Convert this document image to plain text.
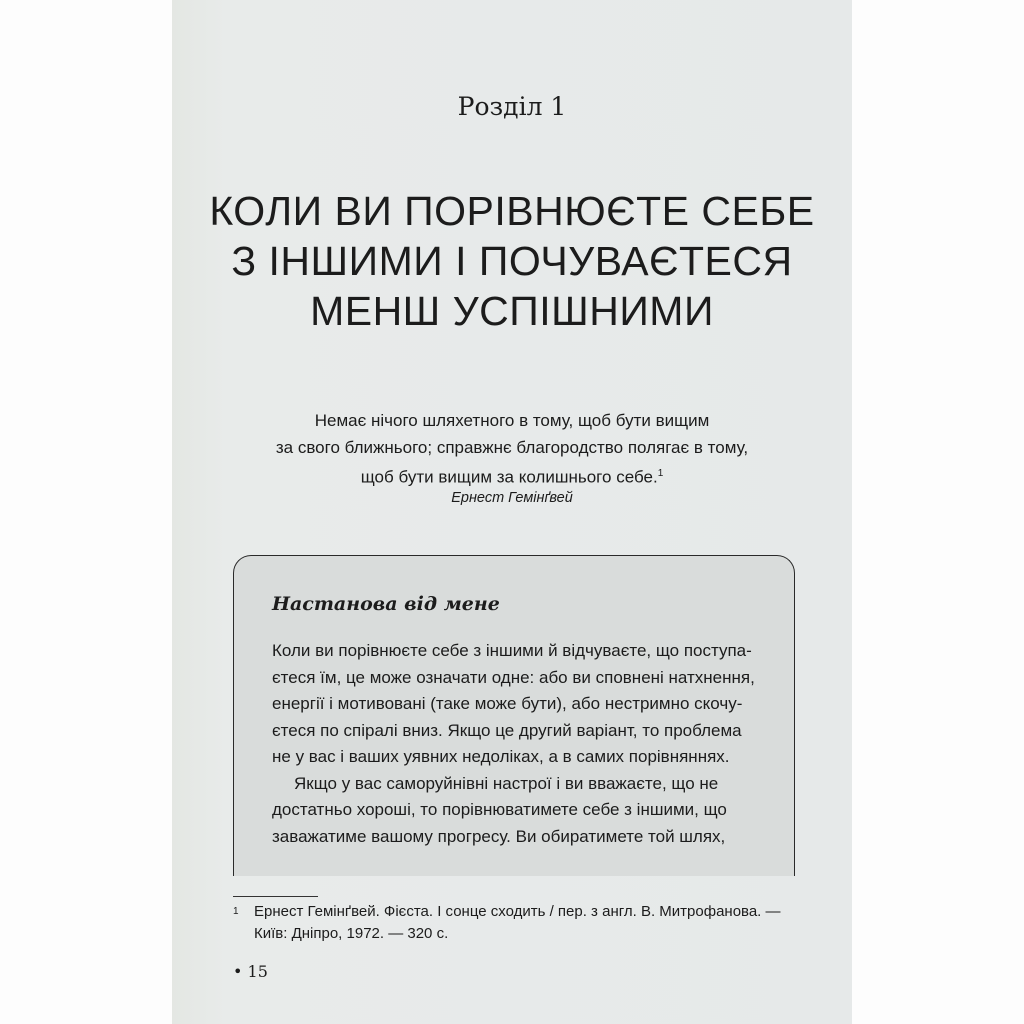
Розділ 1
КОЛИ ВИ ПОРІВНЮЄТЕ СЕБЕ
З ІНШИМИ І ПОЧУВАЄТЕСЯ
МЕНШ УСПІШНИМИ
Немає нічого шляхетного в тому, щоб бути вищим
за свого ближнього; справжнє благородство полягає в тому,
щоб бути вищим за колишнього себе.$^1$
Ернест Гемінґвей
Настанова від мене
Коли ви порівнюєте себе з іншими й відчуваєте, що поступа-
єтеся їм, це може означати одне: або ви сповнені натхнення,
енергії і мотивовані (таке може бути), або нестримно скочу-
єтеся по спіралі вниз. Якщо це другий варіант, то проблема
не у вас і ваших уявних недоліках, а в самих порівняннях.
Якщо у вас саморуйнівні настрої і ви вважаєте, що не
достатньо хороші, то порівнюватимете себе з іншими, що
заважатиме вашому прогресу. Ви обиратимете той шлях,
1 Ернест Гемінґвей. Фієста. І сонце сходить / пер. з англ. В. Митрофанова. —
Київ: Дніпро, 1972. — 320 с.
• 15
